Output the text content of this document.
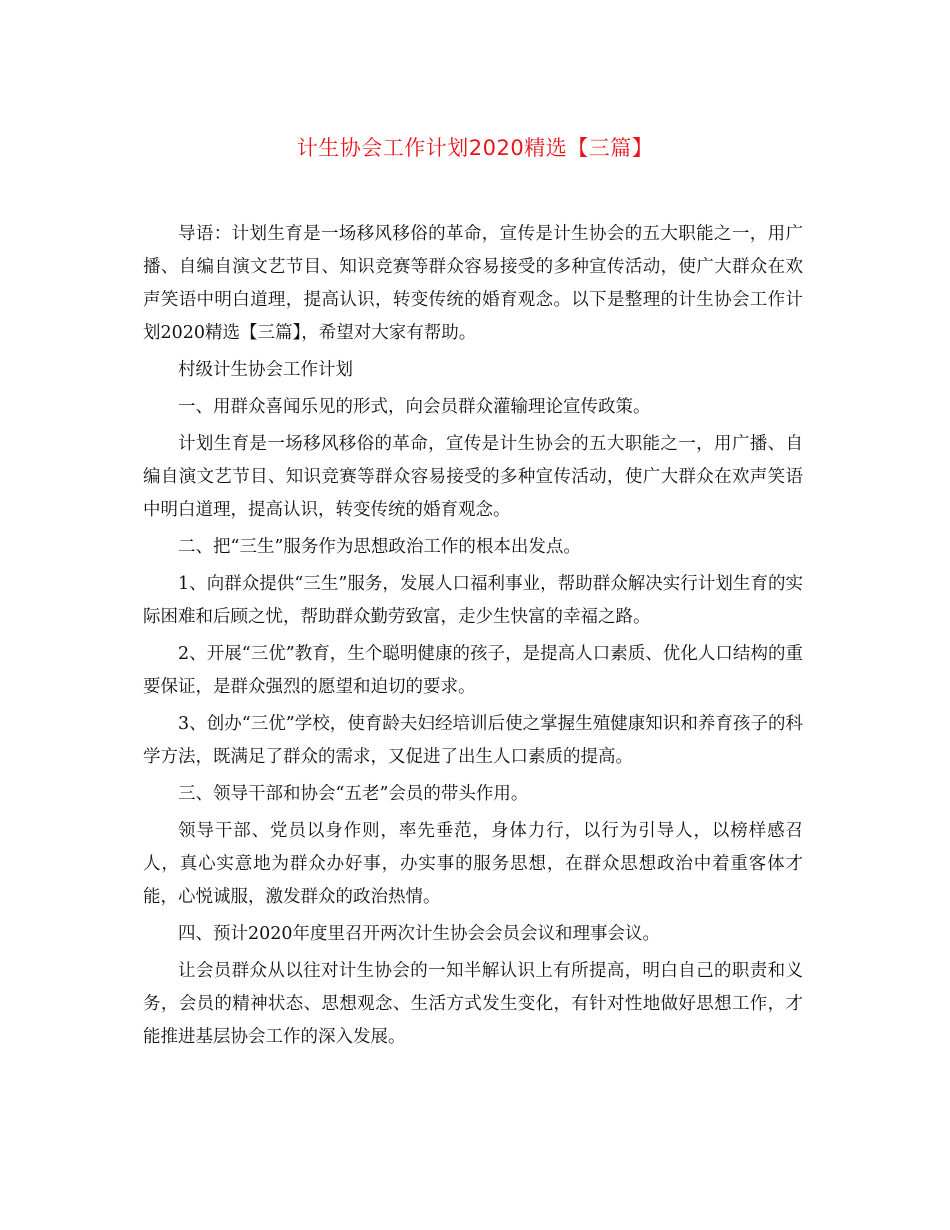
计生协会工作计划2020精选【三篇】

导语：计划生育是一场移风移俗的革命，宣传是计生协会的五大职能之一，用广播、自编自演文艺节目、知识竞赛等群众容易接受的多种宣传活动，使广大群众在欢声笑语中明白道理，提高认识，转变传统的婚育观念。以下是整理的计生协会工作计划2020精选【三篇】，希望对大家有帮助。

村级计生协会工作计划

一、用群众喜闻乐见的形式，向会员群众灌输理论宣传政策。

计划生育是一场移风移俗的革命，宣传是计生协会的五大职能之一，用广播、自编自演文艺节目、知识竞赛等群众容易接受的多种宣传活动，使广大群众在欢声笑语中明白道理，提高认识，转变传统的婚育观念。

二、把“三生”服务作为思想政治工作的根本出发点。

1、向群众提供“三生”服务，发展人口福利事业，帮助群众解决实行计划生育的实际困难和后顾之忧，帮助群众勤劳致富，走少生快富的幸福之路。

2、开展“三优”教育，生个聪明健康的孩子，是提高人口素质、优化人口结构的重要保证，是群众强烈的愿望和迫切的要求。

3、创办“三优”学校，使育龄夫妇经培训后使之掌握生殖健康知识和养育孩子的科学方法，既满足了群众的需求，又促进了出生人口素质的提高。

三、领导干部和协会“五老”会员的带头作用。

领导干部、党员以身作则，率先垂范，身体力行，以行为引导人，以榜样感召人，真心实意地为群众办好事，办实事的服务思想，在群众思想政治中着重客体才能，心悦诚服，激发群众的政治热情。

四、预计2020年度里召开两次计生协会会员会议和理事会议。

让会员群众从以往对计生协会的一知半解认识上有所提高，明白自己的职责和义务，会员的精神状态、思想观念、生活方式发生变化，有针对性地做好思想工作，才能推进基层协会工作的深入发展。
